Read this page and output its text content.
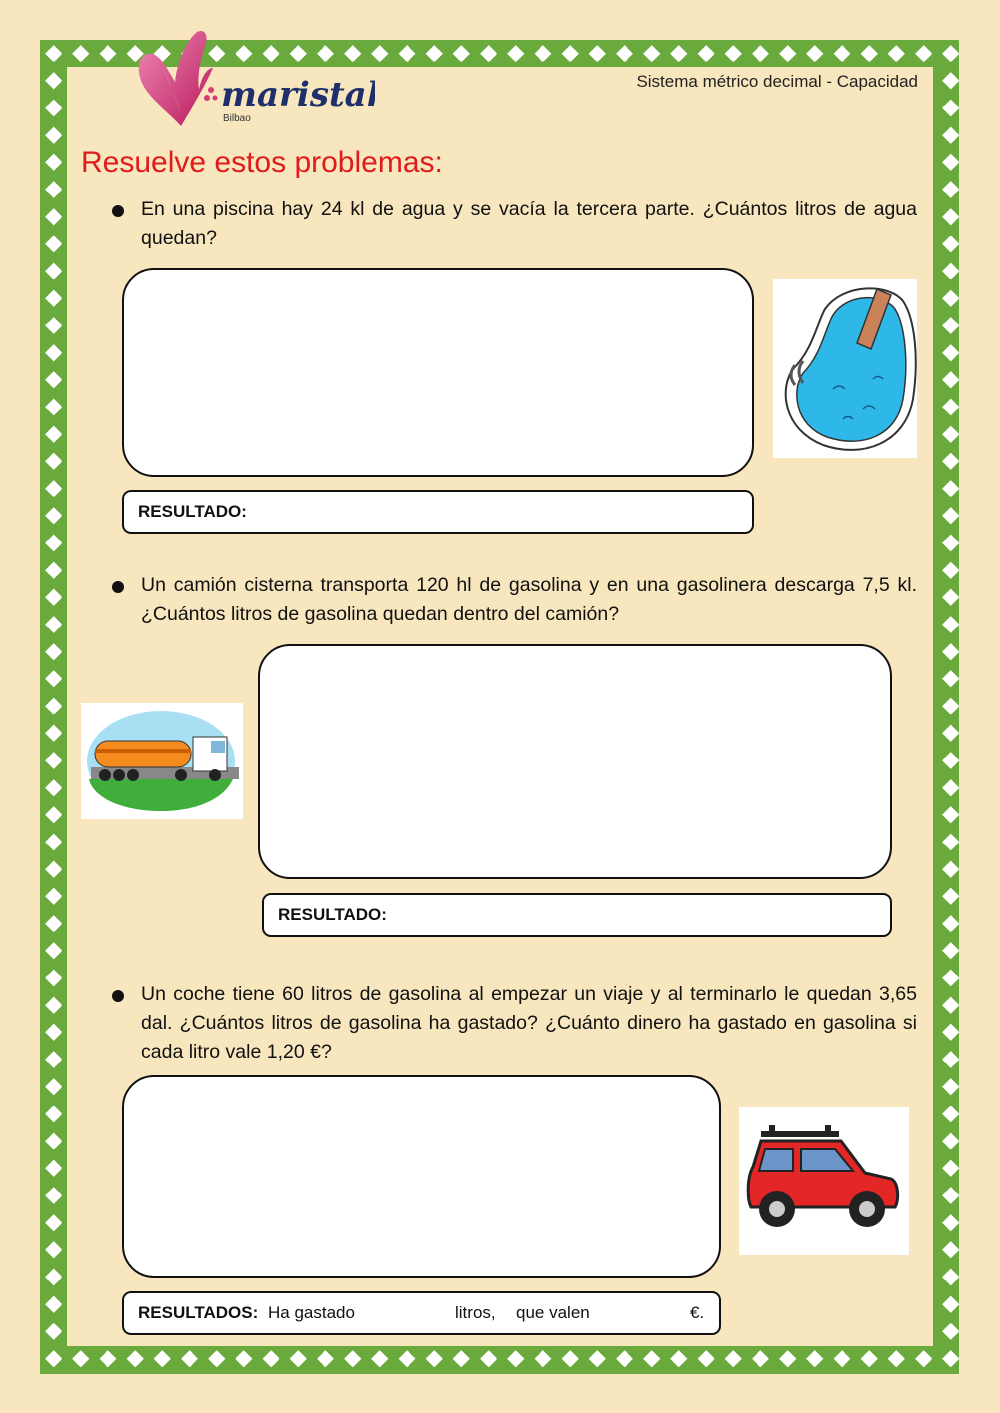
maristak
Bilbao
Sistema métrico decimal - Capacidad
Resuelve estos problemas:
En una piscina hay 24 kl de agua y se vacía la tercera parte. ¿Cuántos litros de agua quedan?
RESULTADO:
Un camión cisterna transporta 120 hl de gasolina y en una gasolinera descarga 7,5 kl. ¿Cuántos litros de gasolina quedan dentro del camión?
RESULTADO:
Un coche tiene 60 litros de gasolina al empezar un viaje y al terminarlo le quedan 3,65 dal. ¿Cuántos litros de gasolina ha gastado? ¿Cuánto dinero ha gastado en gasolina si cada litro vale 1,20 €?
RESULTADOS: Ha gastado	litros, que valen	€.
